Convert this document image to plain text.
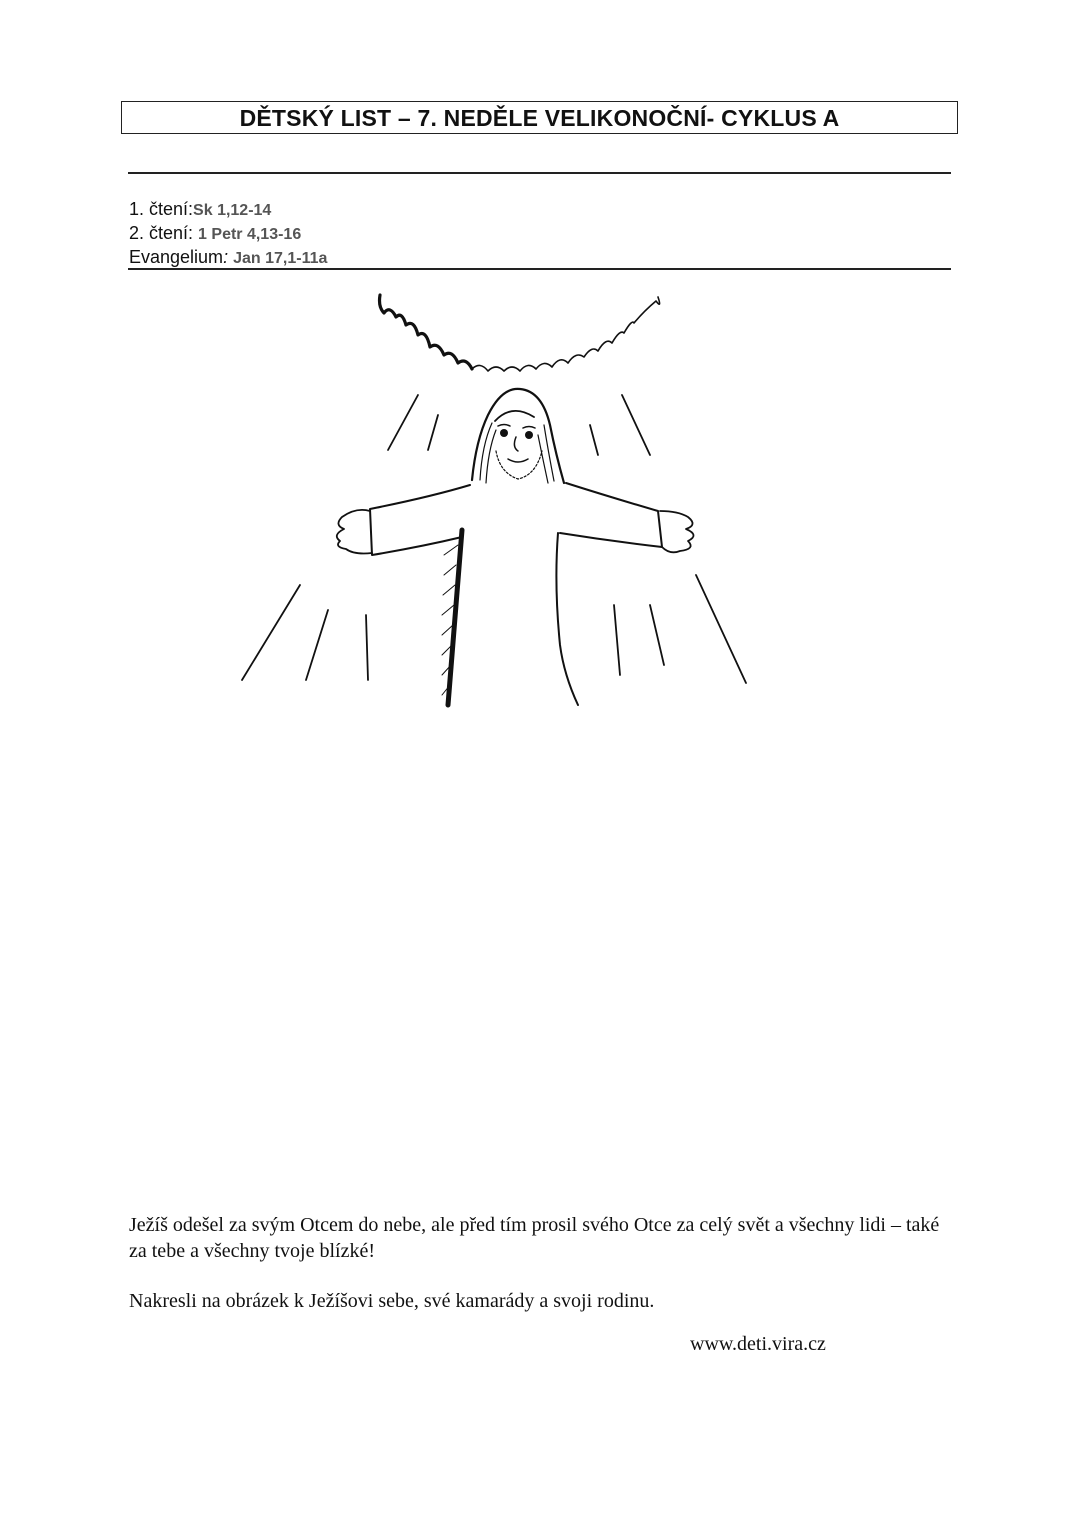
DĚTSKÝ LIST – 7. NEDĚLE VELIKONOČNÍ- CYKLUS A
1. čtení:Sk 1,12-14
2. čtení: 1 Petr 4,13-16
Evangelium: Jan 17,1-11a

Ježíš odešel za svým Otcem do nebe, ale před tím prosil svého Otce za celý svět a všechny lidi – také za tebe a všechny tvoje blízké!

Nakresli na obrázek k Ježíšovi sebe, své kamarády a svoji rodinu.

www.deti.vira.cz
